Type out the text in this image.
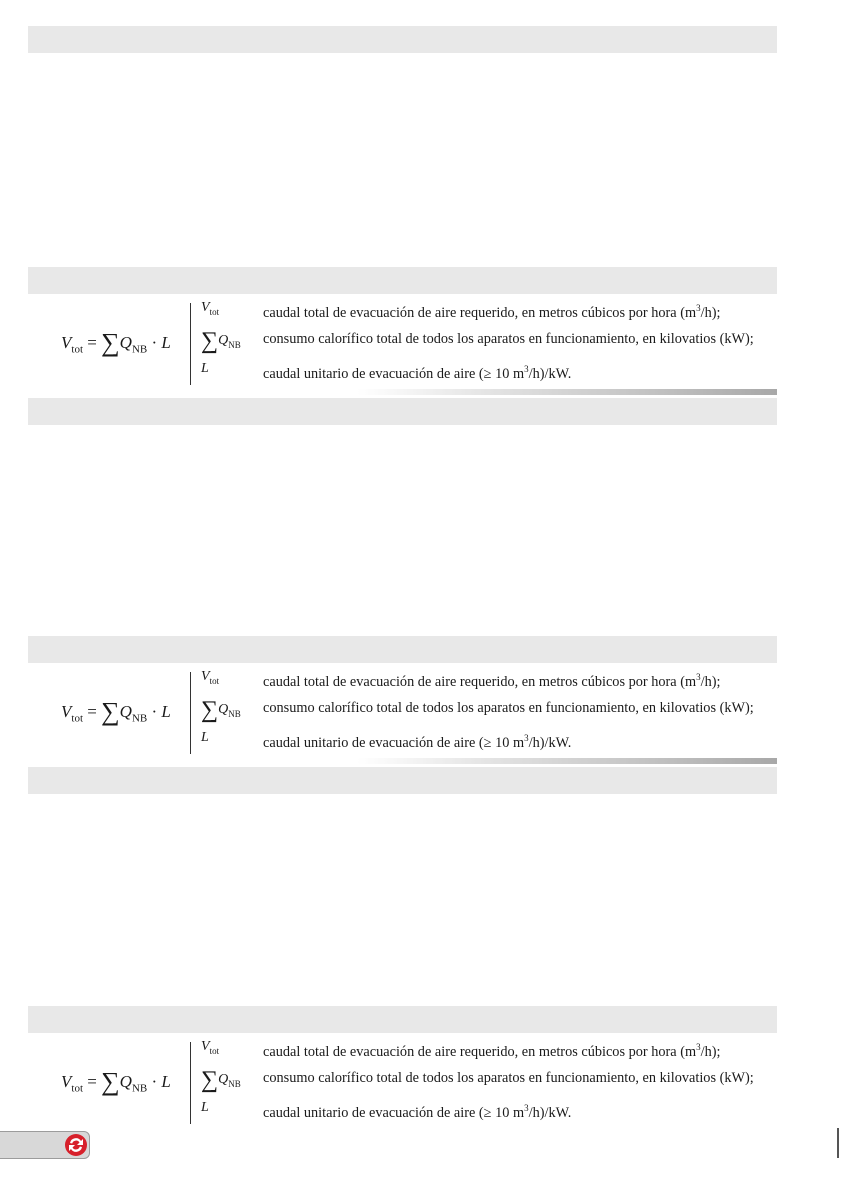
$V_{tot} = \sum Q_{NB} \cdot L$
$V_{tot}$	caudal total de evacuación de aire requerido, en metros cúbicos por hora $(m^3/h)$;
$\sum Q_{NB}$	consumo calorífico total de todos los aparatos en funcionamiento, en kilovatios (kW);
L	caudal unitario de evacuación de aire (≥ 10 $m^3/h)/kW$.
$V_{tot} = \sum Q_{NB} \cdot L$
$V_{tot}$	caudal total de evacuación de aire requerido, en metros cúbicos por hora $(m^3/h)$;
$\sum Q_{NB}$	consumo calorífico total de todos los aparatos en funcionamiento, en kilovatios (kW);
L	caudal unitario de evacuación de aire (≥ 10 $m^3/h)/kW$.
$V_{tot} = \sum Q_{NB} \cdot L$
$V_{tot}$	caudal total de evacuación de aire requerido, en metros cúbicos por hora $(m^3/h)$;
$\sum Q_{NB}$	consumo calorífico total de todos los aparatos en funcionamiento, en kilovatios (kW);
L	caudal unitario de evacuación de aire (≥ 10 $m^3/h)/kW$.
